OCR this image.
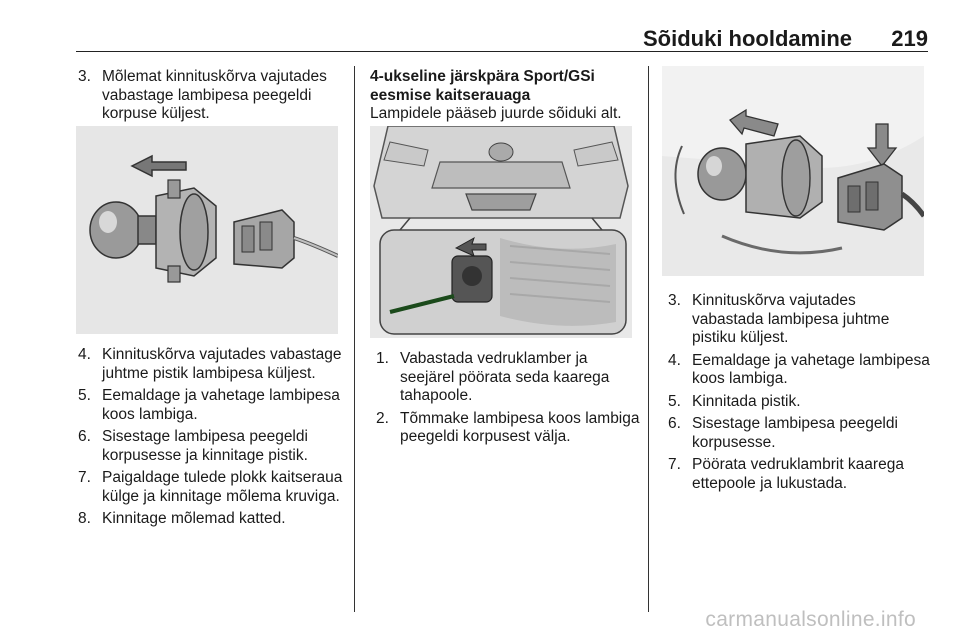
Sõiduki hooldamine 219
3. Mõlemat kinnituskõrva vajutades vabastage lambipesa peegeldi korpuse küljest.
4. Kinnituskõrva vajutades vabastage juhtme pistik lambipesa küljest.
5. Eemaldage ja vahetage lambipesa koos lambiga.
6. Sisestage lambipesa peegeldi korpusesse ja kinnitage pistik.
7. Paigaldage tulede plokk kaitseraua külge ja kinnitage mõlema kruviga.
8. Kinnitage mõlemad katted.
4-ukseline järskpära Sport/GSi eesmise kaitserauaga
Lampidele pääseb juurde sõiduki alt.
1. Vabastada vedruklamber ja seejärel pöörata seda kaarega tahapoole.
2. Tõmmake lambipesa koos lambiga peegeldi korpusest välja.
3. Kinnituskõrva vajutades vabastada lambipesa juhtme pistiku küljest.
4. Eemaldage ja vahetage lambipesa koos lambiga.
5. Kinnitada pistik.
6. Sisestage lambipesa peegeldi korpusesse.
7. Pöörata vedruklambrit kaarega ettepoole ja lukustada.
carmanualsonline.info
